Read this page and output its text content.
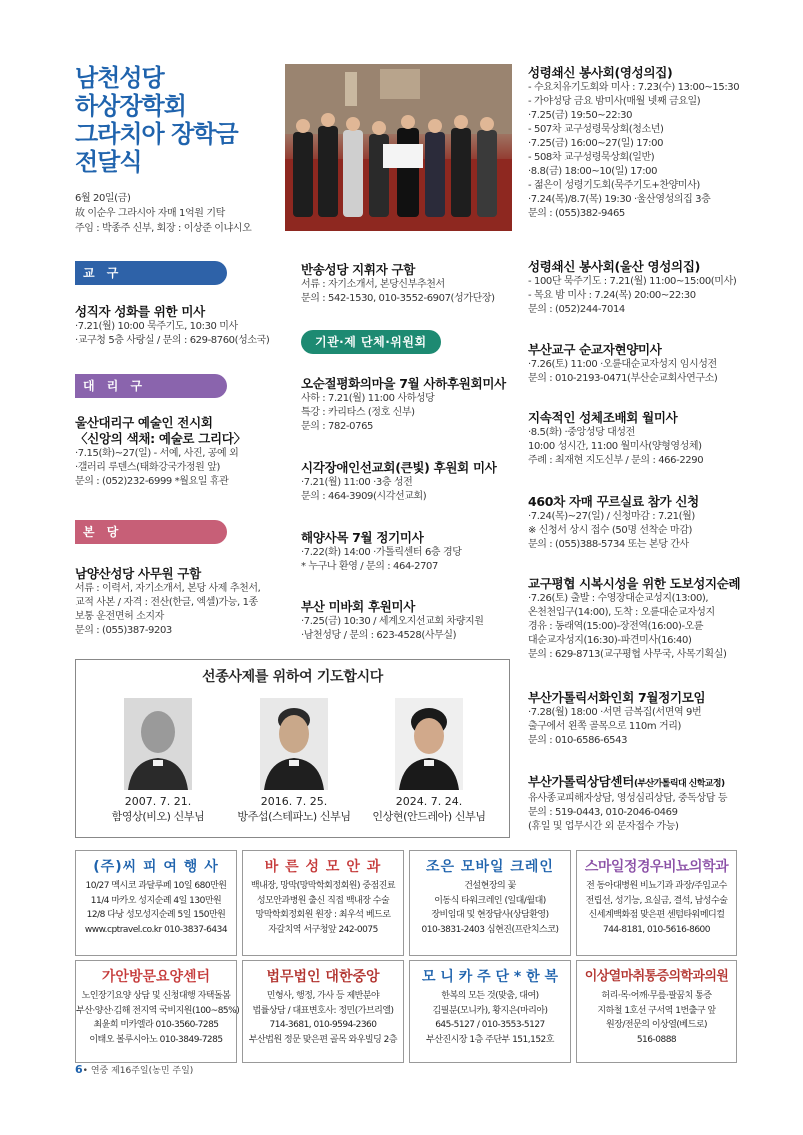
남천성당
하상장학회
그라치아 장학금
전달식
6월 20일(금)
故 이순우 그라시아 자매 1억원 기탁
주임 : 박종주 신부, 회장 : 이상준 이냐시오
교 구
성직자 성화를 위한 미사
·7.21(월) 10:00 묵주기도, 10:30 미사
·교구청 5층 사랑실 / 문의 : 629-8760(성소국)
대 리 구
울산대리구 예술인 전시회
〈신앙의 색채: 예술로 그리다〉
·7.15(화)~27(일) - 서예, 사진, 공예 외
·갤러리 루덴스(태화강국가정원 앞)
문의 : (052)232-6999 *월요일 휴관
본 당
남양산성당 사무원 구함
서류 : 이력서, 자기소개서, 본당 사제 추천서,
교적 사본 / 자격 : 전산(한글, 엑셀)가능, 1종
보통 운전면허 소지자
문의 : (055)387-9203
반송성당 지휘자 구함
서류 : 자기소개서, 본당신부추천서
문의 : 542-1530, 010-3552-6907(성가단장)
기관·제 단체·위원회
오순절평화의마을 7월 사하후원회미사
사하 : 7.21(월) 11:00 사하성당
특강 : 카리타스 (정호 신부)
문의 : 782-0765
시각장애인선교회(큰빛) 후원회 미사
·7.21(월) 11:00 ·3층 성전
문의 : 464-3909(시각선교회)
해양사목 7월 정기미사
·7.22(화) 14:00 ·가톨릭센터 6층 경당
* 누구나 환영 / 문의 : 464-2707
부산 미바회 후원미사
·7.25(금) 10:30 / 세계오지선교회 차량지원
·남천성당 / 문의 : 623-4528(사무실)
성령쇄신 봉사회(영성의집)
- 수요치유기도회와 미사 : 7.23(수) 13:00~15:30
- 가야성당 금요 밤미사(매월 넷째 금요일)
·7.25(금) 19:50~22:30
- 507차 교구성령묵상회(청소년)
·7.25(금) 16:00~27(일) 17:00
- 508차 교구성령묵상회(일반)
·8.8(금) 18:00~10(일) 17:00
- 젊은이 성령기도회(묵주기도+찬양미사)
·7.24(목)/8.7(목) 19:30 ·울산영성의집 3층
문의 : (055)382-9465
성령쇄신 봉사회(울산 영성의집)
- 100단 묵주기도 : 7.21(월) 11:00~15:00(미사)
- 목요 밤 미사 : 7.24(목) 20:00~22:30
문의 : (052)244-7014
부산교구 순교자현양미사
·7.26(토) 11:00 ·오륜대순교자성지 임시성전
문의 : 010-2193-0471(부산순교회사연구소)
지속적인 성체조배회 월미사
·8.5(화) ·중앙성당 대성전
10:00 성시간, 11:00 월미사(양형영성체)
주례 : 최재현 지도신부 / 문의 : 466-2290
460차 자매 꾸르실료 참가 신청
·7.24(목)~27(일) / 신청마감 : 7.21(월)
※ 신청서 상시 접수 (50명 선착순 마감)
문의 : (055)388-5734 또는 본당 간사
교구평협 시복시성을 위한 도보성지순례
·7.26(토) 출발 : 수영장대순교성지(13:00),
온천천입구(14:00), 도착 : 오륜대순교자성지
경유 : 동래역(15:00)-장전역(16:00)-오륜
대순교자성지(16:30)-파견미사(16:40)
문의 : 629-8713(교구평협 사무국, 사목기획실)
부산가톨릭서화인회 7월정기모임
·7.28(월) 18:00 ·서면 금복집(서면역 9번
출구에서 왼쪽 골목으로 110m 거리)
문의 : 010-6586-6543
부산가톨릭상담센터(부산가톨릭대 신학교정)
유사종교피해자상담, 영성심리상담, 중독상담 등
문의 : 519-0443, 010-2046-0469
(휴일 및 업무시간 외 문자접수 가능)
선종사제를 위하여 기도합시다
2007. 7. 21.
함영상(비오) 신부님
2016. 7. 25.
방주섭(스테파노) 신부님
2024. 7. 24.
인상현(안드레아) 신부님
(주)씨 피 여 행 사
10/27 멕시코 과달루페 10일 680만원
11/4 마카오 성지순례 4일 130만원
12/8 다낭 성모성지순례 5일 150만원
www.cptravel.co.kr 010-3837-6434
바 른 성 모 안 과
백내장, 망막(망막학회정회원) 중점진료
성모안과병원 출신 직접 백내장 수술
망막학회정회원 원장 : 최우석 베드로
자갈치역 서구청앞 242-0075
조은 모바일 크레인
건설현장의 꽃
이동식 타워크레인 (일대/월대)
장비임대 및 현장답사(상담환영)
010-3831-2403 심현진(프란치스코)
스마일정경우비뇨의학과
전 동아대병원 비뇨기과 과장/주임교수
전립선, 성기능, 요실금, 결석, 남성수술
신세계백화점 맞은편 센텀타워메디컬
744-8181, 010-5616-8600
가안방문요양센터
노인장기요양 상담 및 신청대행 자택돌봄
부산·양산·김해 전지역 국비지원(100~85%)
최윤희 미카엘라 010-3560-7285
이태오 볼루시아노 010-3849-7285
법무법인 대한중앙
민형사, 행정, 가사 등 제반분야
법률상담 / 대표변호사: 정민(가브리엘)
714-3681, 010-9594-2360
부산법원 정문 맞은편 골목 와우빌딩 2층
모 니 카 주 단 * 한 복
한복의 모든 것(맞춤, 대여)
김필분(모니카), 황지은(마리아)
645-5127 / 010-3553-5127
부산진시장 1층 주단부 151,152호
이상열마취통증의학과의원
허리·목·어깨·무릎·팔꿈치 통증
지하철 1호선 구서역 1번출구 앞
원장/전문의 이상열(베드로)
516-0888
6• 연중 제16주일(농민 주일)
